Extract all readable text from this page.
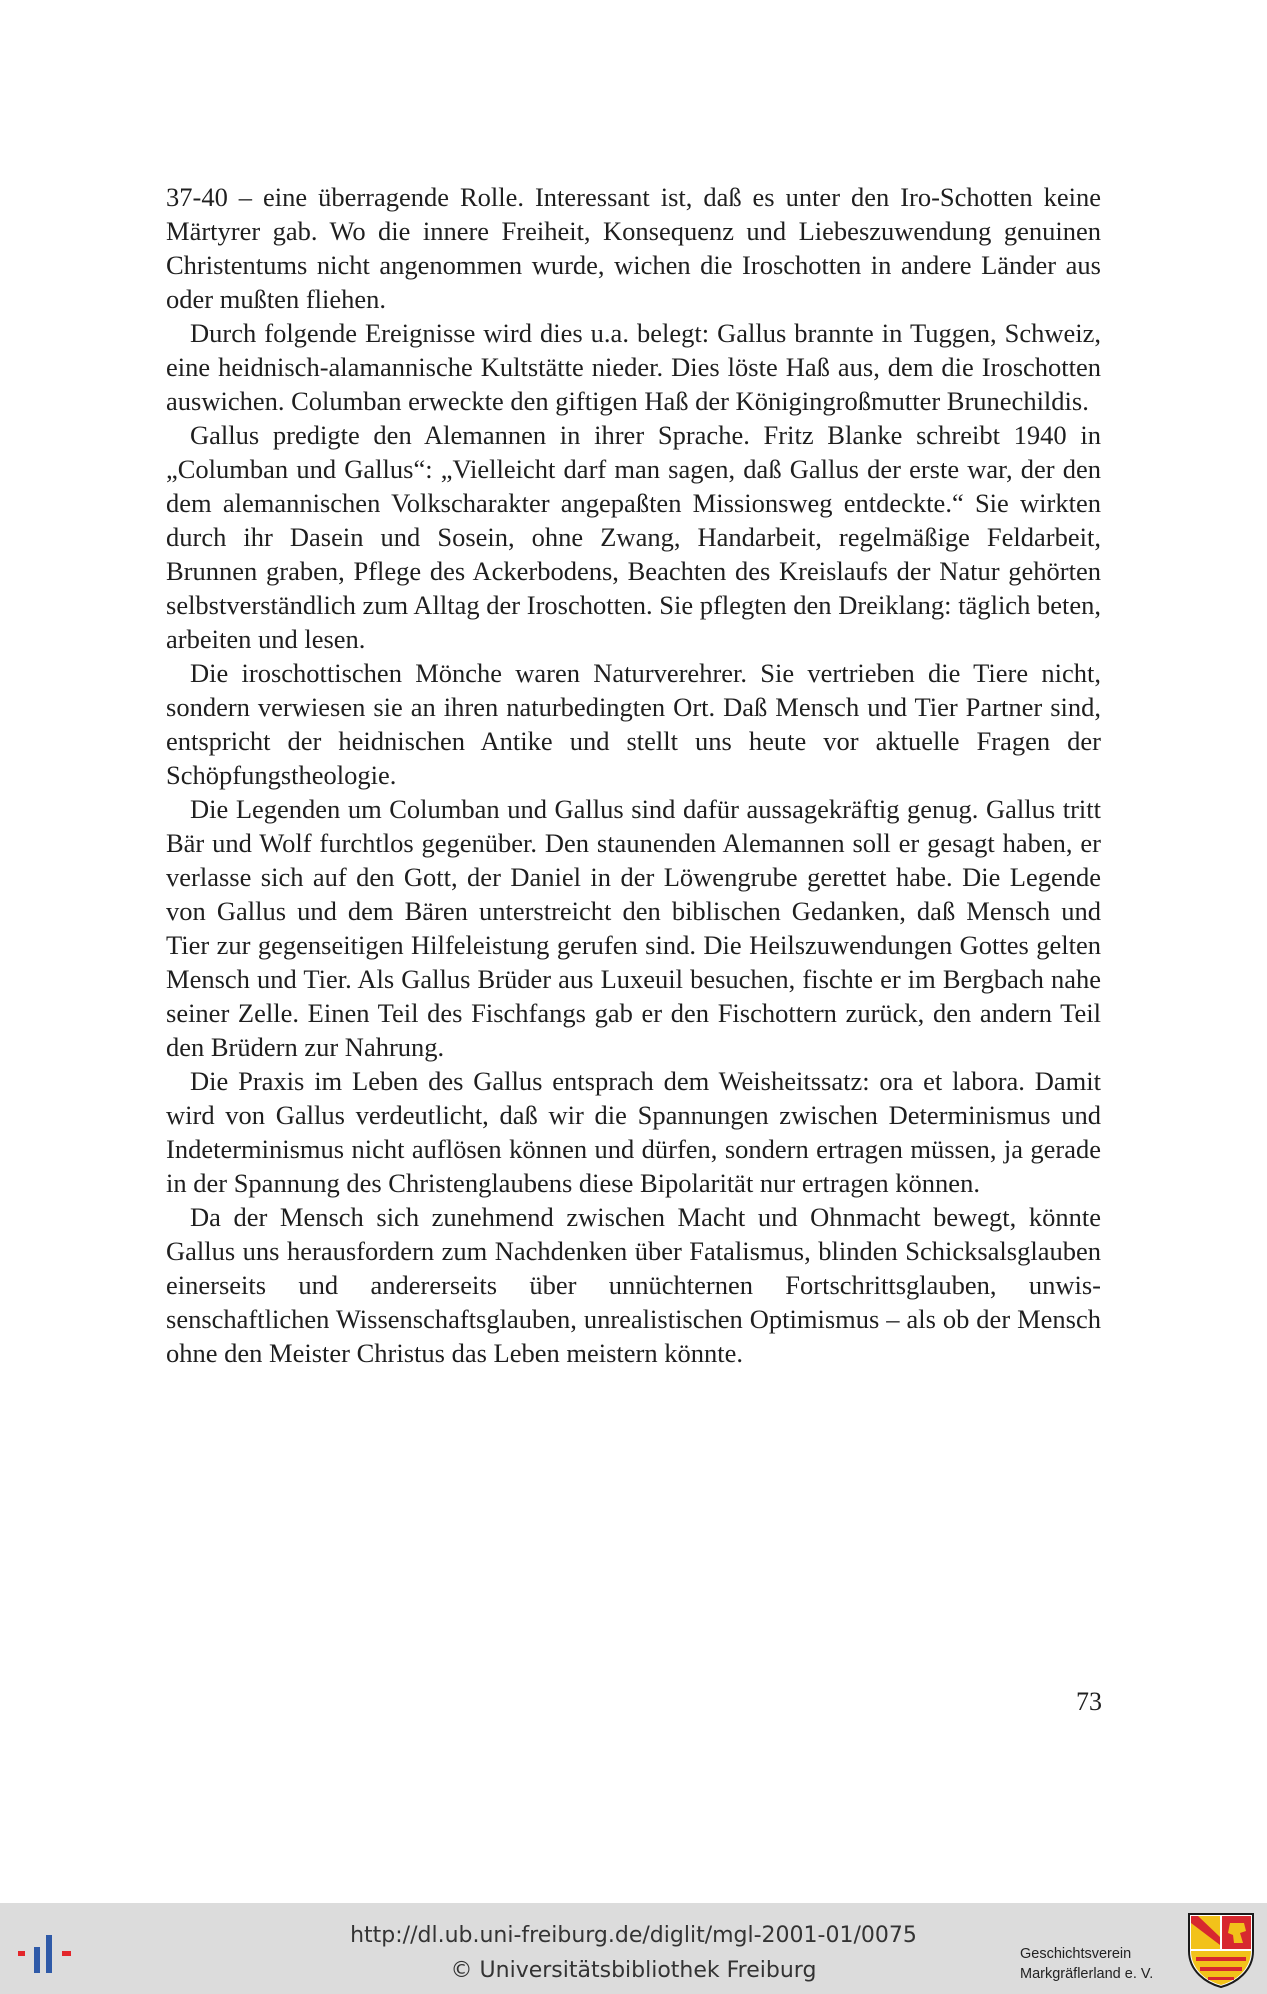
37-40 – eine überragende Rolle. Interessant ist, daß es unter den Iro-Schotten keine Märtyrer gab. Wo die innere Freiheit, Konsequenz und Liebeszuwendung genuinen Christentums nicht angenommen wurde, wichen die Iroschotten in andere Länder aus oder mußten fliehen.

Durch folgende Ereignisse wird dies u.a. belegt: Gallus brannte in Tuggen, Schweiz, eine heidnisch-alamannische Kultstätte nieder. Dies löste Haß aus, dem die Iroschotten auswichen. Columban erweckte den giftigen Haß der Königingroßmutter Brunechildis.

Gallus predigte den Alemannen in ihrer Sprache. Fritz Blanke schreibt 1940 in „Columban und Gallus“: „Vielleicht darf man sagen, daß Gallus der erste war, der den dem alemannischen Volkscharakter angepaßten Missionsweg entdeckte.“ Sie wirkten durch ihr Dasein und Sosein, ohne Zwang, Handarbeit, regelmäßige Feldarbeit, Brunnen graben, Pflege des Ackerbodens, Beachten des Kreislaufs der Natur gehörten selbstverständlich zum Alltag der Iroschotten. Sie pflegten den Dreiklang: täglich beten, arbeiten und lesen.

Die iroschottischen Mönche waren Naturverehrer. Sie vertrieben die Tiere nicht, sondern verwiesen sie an ihren naturbedingten Ort. Daß Mensch und Tier Partner sind, entspricht der heidnischen Antike und stellt uns heute vor aktuelle Fragen der Schöpfungstheologie.

Die Legenden um Columban und Gallus sind dafür aussagekräftig genug. Gallus tritt Bär und Wolf furchtlos gegenüber. Den staunenden Alemannen soll er gesagt haben, er verlasse sich auf den Gott, der Daniel in der Löwengrube gerettet habe. Die Legende von Gallus und dem Bären unterstreicht den biblischen Gedanken, daß Mensch und Tier zur gegenseitigen Hilfeleistung gerufen sind. Die Heilszuwendungen Gottes gelten Mensch und Tier. Als Gallus Brüder aus Luxeuil besuchen, fischte er im Bergbach nahe seiner Zelle. Einen Teil des Fischfangs gab er den Fischottern zurück, den andern Teil den Brüdern zur Nahrung.

Die Praxis im Leben des Gallus entsprach dem Weisheitssatz: ora et labora. Damit wird von Gallus verdeutlicht, daß wir die Spannungen zwischen Determinismus und Indeterminismus nicht auflösen können und dürfen, sondern ertragen müssen, ja gerade in der Spannung des Christenglaubens diese Bipolarität nur ertragen können.

Da der Mensch sich zunehmend zwischen Macht und Ohnmacht bewegt, könnte Gallus uns herausfordern zum Nachdenken über Fatalismus, blinden Schicksalsglauben einerseits und andererseits über unnüchternen Fortschrittsglauben, unwissenschaftlichen Wissenschaftsglauben, unrealistischen Optimismus – als ob der Mensch ohne den Meister Christus das Leben meistern könnte.

73
http://dl.ub.uni-freiburg.de/diglit/mgl-2001-01/0075
© Universitätsbibliothek Freiburg
Geschichtsverein
Markgräflerland e. V.
